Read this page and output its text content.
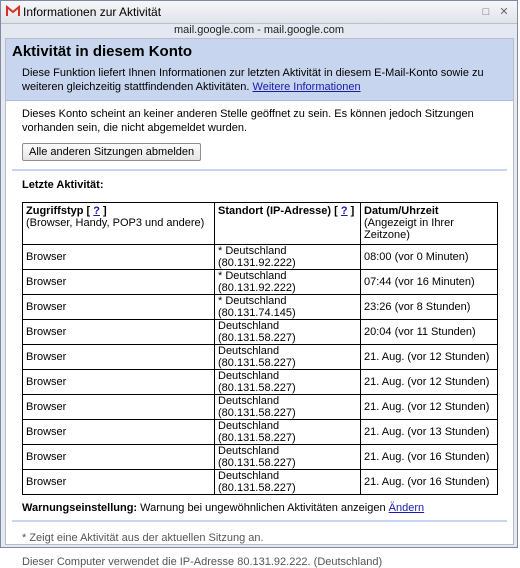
Informationen zur Aktivität	□ ✕
mail.google.com - mail.google.com
Aktivität in diesem Konto

Diese Funktion liefert Ihnen Informationen zur letzten Aktivität in diesem E-Mail-Konto sowie zu weiteren gleichzeitig stattfindenden Aktivitäten. Weitere Informationen

Dieses Konto scheint an keiner anderen Stelle geöffnet zu sein. Es können jedoch Sitzungen vorhanden sein, die nicht abgemeldet wurden.
Alle anderen Sitzungen abmelden
Letzte Aktivität:
Zugriffstyp [ ? ]
(Browser, Handy, POP3 und andere)	Standort (IP-Adresse) [ ? ]	Datum/Uhrzeit
(Angezeigt in Ihrer Zeitzone)
Browser	* Deutschland (80.131.92.222)	08:00 (vor 0 Minuten)
Browser	* Deutschland (80.131.92.222)	07:44 (vor 16 Minuten)
Browser	* Deutschland (80.131.74.145)	23:26 (vor 8 Stunden)
Browser	Deutschland (80.131.58.227)	20:04 (vor 11 Stunden)
Browser	Deutschland (80.131.58.227)	21. Aug. (vor 12 Stunden)
Browser	Deutschland (80.131.58.227)	21. Aug. (vor 12 Stunden)
Browser	Deutschland (80.131.58.227)	21. Aug. (vor 12 Stunden)
Browser	Deutschland (80.131.58.227)	21. Aug. (vor 13 Stunden)
Browser	Deutschland (80.131.58.227)	21. Aug. (vor 16 Stunden)
Browser	Deutschland (80.131.58.227)	21. Aug. (vor 16 Stunden)
Warnungseinstellung: Warnung bei ungewöhnlichen Aktivitäten anzeigen Ändern
* Zeigt eine Aktivität aus der aktuellen Sitzung an.
Dieser Computer verwendet die IP-Adresse 80.131.92.222. (Deutschland)
